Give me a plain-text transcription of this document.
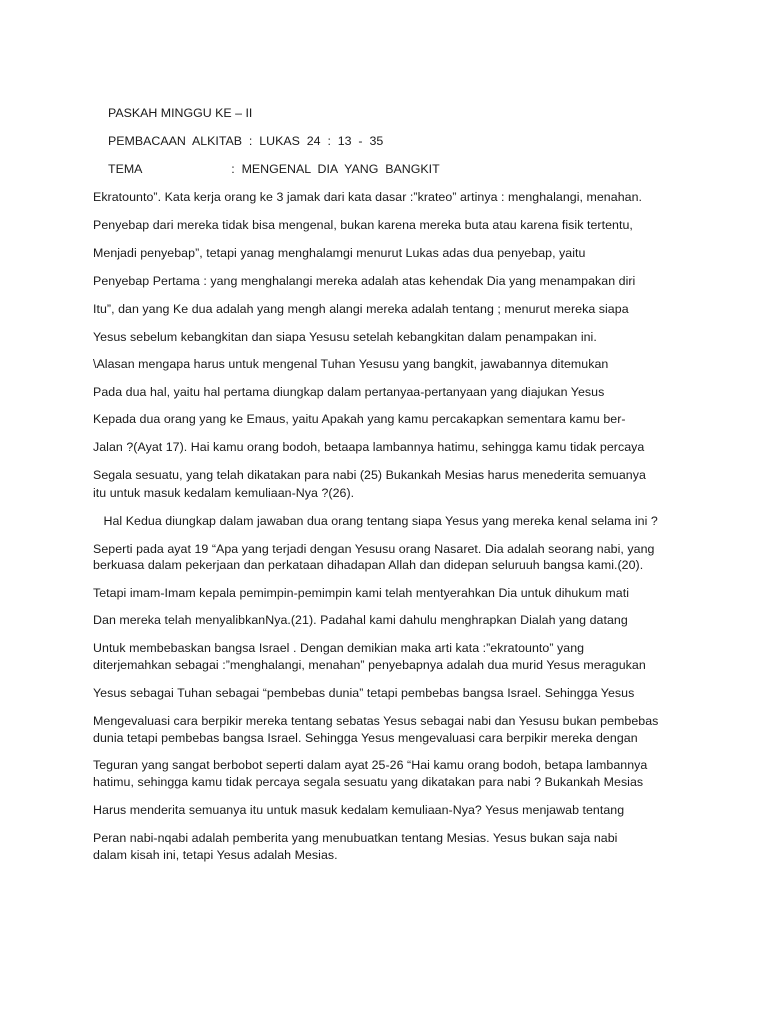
PASKAH MINGGU KE – II
PEMBACAAN  ALKITAB  :  LUKAS  24  :  13  -  35
TEMA                          :  MENGENAL  DIA  YANG  BANGKIT
Ekratounto”. Kata kerja orang ke 3 jamak dari kata dasar :”krateo” artinya : menghalangi, menahan.
Penyebap dari mereka tidak bisa mengenal, bukan karena mereka buta atau karena fisik tertentu,
Menjadi penyebap”, tetapi yanag menghalamgi menurut Lukas adas dua penyebap, yaitu
Penyebap Pertama : yang menghalangi mereka adalah atas kehendak Dia yang menampakan diri
Itu”, dan yang Ke dua adalah yang mengh alangi mereka adalah tentang ; menurut mereka siapa
Yesus sebelum kebangkitan dan siapa Yesusu setelah kebangkitan dalam penampakan ini.
\Alasan mengapa harus untuk mengenal Tuhan Yesusu yang bangkit, jawabannya ditemukan
Pada dua hal, yaitu hal pertama diungkap dalam pertanyaa-pertanyaan yang diajukan Yesus
Kepada dua orang yang ke Emaus, yaitu Apakah yang kamu percakapkan sementara kamu ber-
Jalan ?(Ayat 17). Hai kamu orang bodoh, betaapa lambannya hatimu, sehingga kamu tidak percaya
Segala sesuatu, yang telah dikatakan para nabi (25) Bukankah Mesias harus menederita semuanya
itu untuk masuk kedalam kemuliaan-Nya ?(26).
Hal Kedua diungkap dalam jawaban dua orang tentang siapa Yesus yang mereka kenal selama ini ?
Seperti pada ayat 19 “Apa yang terjadi dengan Yesusu orang Nasaret. Dia adalah seorang nabi, yang
berkuasa dalam pekerjaan dan perkataan dihadapan Allah dan didepan seluruuh bangsa kami.(20).
Tetapi imam-Imam kepala pemimpin-pemimpin kami telah mentyerahkan Dia untuk dihukum mati
Dan mereka telah menyalibkanNya.(21). Padahal kami dahulu menghrapkan Dialah yang datang
Untuk membebaskan bangsa Israel . Dengan demikian maka arti kata :”ekratounto” yang
diterjemahkan sebagai :”menghalangi, menahan” penyebapnya adalah dua murid Yesus meragukan
Yesus sebagai Tuhan sebagai “pembebas dunia” tetapi pembebas bangsa Israel. Sehingga Yesus
Mengevaluasi cara berpikir mereka tentang sebatas Yesus sebagai nabi dan Yesusu bukan pembebas
dunia tetapi pembebas bangsa Israel. Sehingga Yesus mengevaluasi cara berpikir mereka dengan
Teguran yang sangat berbobot seperti dalam ayat 25-26 “Hai kamu orang bodoh, betapa lambannya
hatimu, sehingga kamu tidak percaya segala sesuatu yang dikatakan para nabi ? Bukankah Mesias
Harus menderita semuanya itu untuk masuk kedalam kemuliaan-Nya? Yesus menjawab tentang
Peran nabi-nqabi adalah pemberita yang menubuatkan tentang Mesias. Yesus bukan saja nabi
dalam kisah ini, tetapi Yesus adalah Mesias.
